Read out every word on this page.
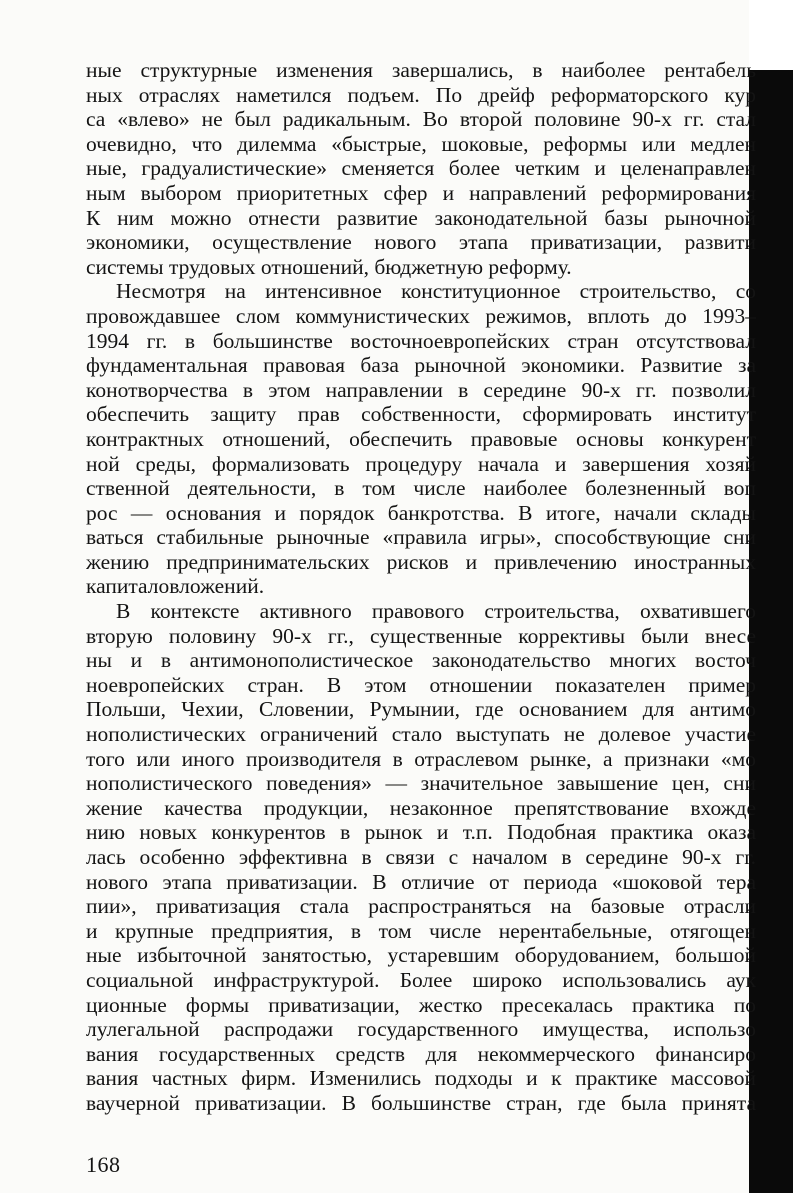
ные структурные изменения завершались, в наиболее рентабель
ных отраслях наметился подъем. По дрейф реформаторского кур
са «влево» не был радикальным. Во второй половине 90-х гг. стал
очевидно, что дилемма «быстрые, шоковые, реформы или медлен
ные, градуалистические» сменяется более четким и целенаправлен
ным выбором приоритетных сфер и направлений реформирования
К ним можно отнести развитие законодательной базы рыночной
экономики, осуществление нового этапа приватизации, развити
системы трудовых отношений, бюджетную реформу.

Несмотря на интенсивное конституционное строительство, со
провождавшее слом коммунистических режимов, вплоть до 1993–
1994 гг. в большинстве восточноевропейских стран отсутствовал
фундаментальная правовая база рыночной экономики. Развитие за
конотворчества в этом направлении в середине 90-х гг. позволил
обеспечить защиту прав собственности, сформировать институт
контрактных отношений, обеспечить правовые основы конкурент
ной среды, формализовать процедуру начала и завершения хозяй
ственной деятельности, в том числе наиболее болезненный воп
рос — основания и порядок банкротства. В итоге, начали склады
ваться стабильные рыночные «правила игры», способствующие сни
жению предпринимательских рисков и привлечению иностранных
капиталовложений.

В контексте активного правового строительства, охватившего
вторую половину 90-х гг., существенные коррективы были внесе
ны и в антимонополистическое законодательство многих восточ
ноевропейских стран. В этом отношении показателен пример
Польши, Чехии, Словении, Румынии, где основанием для антимо
нополистических ограничений стало выступать не долевое участие
того или иного производителя в отраслевом рынке, а признаки «мо
нополистического поведения» — значительное завышение цен, сни
жение качества продукции, незаконное препятствование вхожде
нию новых конкурентов в рынок и т.п. Подобная практика оказа
лась особенно эффективна в связи с началом в середине 90-х гг.
нового этапа приватизации. В отличие от периода «шоковой тера
пии», приватизация стала распространяться на базовые отрасли
и крупные предприятия, в том числе нерентабельные, отягощен
ные избыточной занятостью, устаревшим оборудованием, большой
социальной инфраструктурой. Более широко использовались аук
ционные формы приватизации, жестко пресекалась практика по
лулегальной распродажи государственного имущества, использо
вания государственных средств для некоммерческого финансиро
вания частных фирм. Изменились подходы и к практике массовой
ваучерной приватизации. В большинстве стран, где была принята

168
